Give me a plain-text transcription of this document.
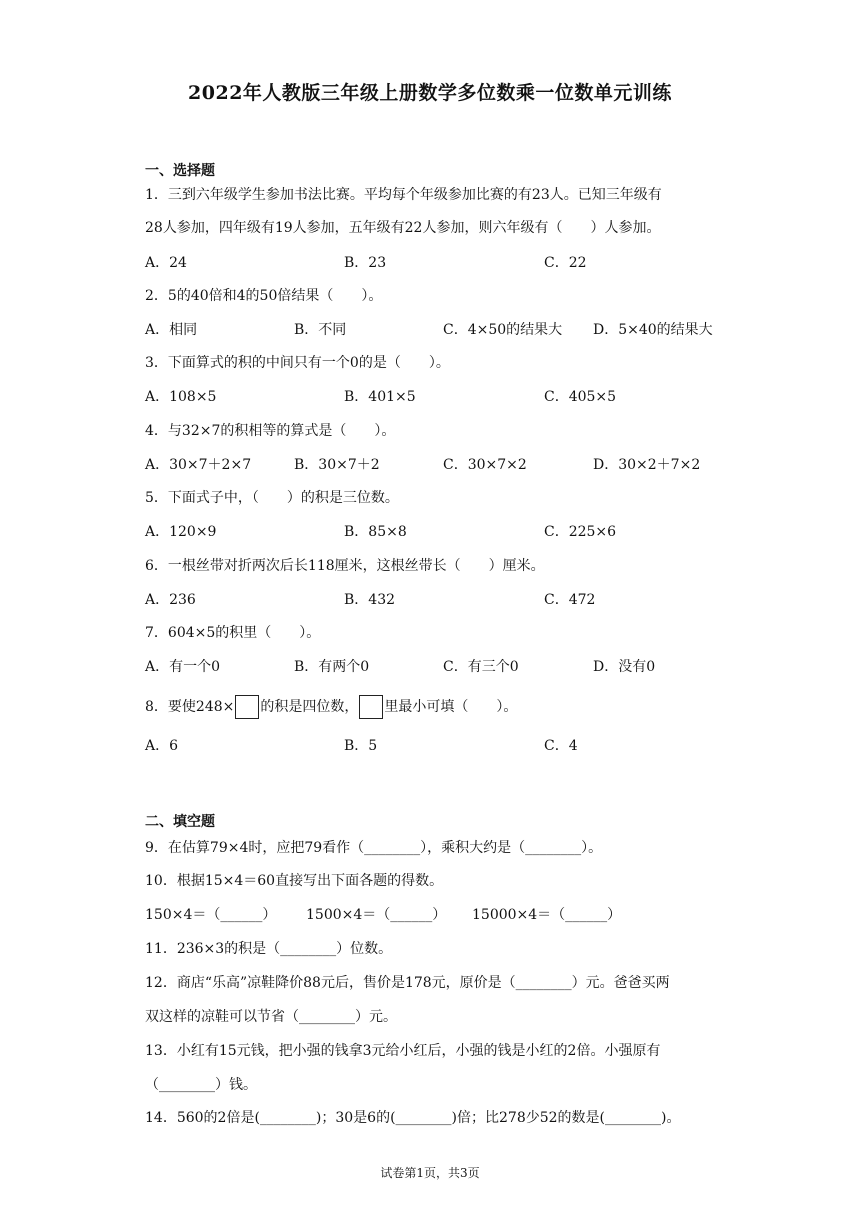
2022年人教版三年级上册数学多位数乘一位数单元训练
一、选择题
1．三到六年级学生参加书法比赛。平均每个年级参加比赛的有23人。已知三年级有
28人参加，四年级有19人参加，五年级有22人参加，则六年级有（　　）人参加。
A．24	B．23	C．22
2．5的40倍和4的50倍结果（　　）。
A．相同	B．不同	C．4×50的结果大 D．5×40的结果大
3．下面算式的积的中间只有一个0的是（　　）。
A．108×5	B．401×5	C．405×5
4．与32×7的积相等的算式是（　　）。
A．30×7＋2×7	B．30×7＋2	C．30×7×2	D．30×2＋7×2
5．下面式子中，（　　）的积是三位数。
A．120×9	B．85×8	C．225×6
6．一根丝带对折两次后长118厘米，这根丝带长（　　）厘米。
A．236	B．432	C．472
7．604×5的积里（　　）。
A．有一个0	B．有两个0	C．有三个0	D．没有0
8．要使248× 的积是四位数， 里最小可填（　　）。
A．6	B．5	C．4
二、填空题
9．在估算79×4时，应把79看作（________），乘积大约是（________）。
10．根据15×4＝60直接写出下面各题的得数。
150×4＝（______） 1500×4＝（______） 15000×4＝（______）
11．236×3的积是（________）位数。
12．商店“乐高”凉鞋降价88元后，售价是178元，原价是（________）元。爸爸买两
双这样的凉鞋可以节省（________）元。
13．小红有15元钱，把小强的钱拿3元给小红后，小强的钱是小红的2倍。小强原有
（________）钱。
14．560的2倍是(________)；30是6的(________)倍；比278少52的数是(________)。
试卷第1页，共3页
